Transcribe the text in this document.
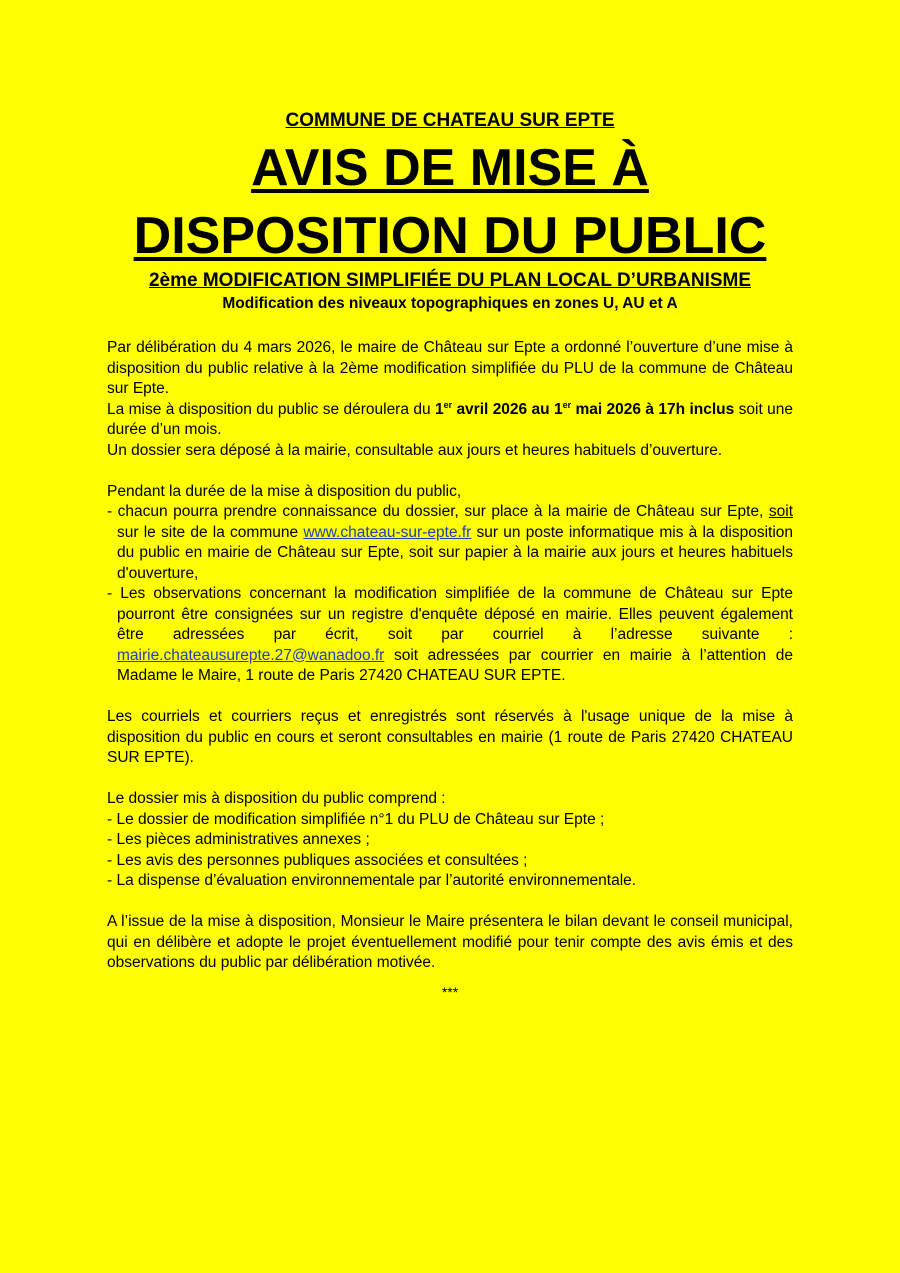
COMMUNE DE CHATEAU SUR EPTE

AVIS DE MISE À

DISPOSITION DU PUBLIC

2ème MODIFICATION SIMPLIFIÉE DU PLAN LOCAL D’URBANISME

Modification des niveaux topographiques en zones U, AU et A

Par délibération du 4 mars 2026, le maire de Château sur Epte a ordonné l’ouverture d’une mise à disposition du public relative à la 2ème modification simplifiée du PLU de la commune de Château sur Epte.

La mise à disposition du public se déroulera du 1er avril 2026 au 1er mai 2026 à 17h inclus soit une durée d’un mois.

Un dossier sera déposé à la mairie, consultable aux jours et heures habituels d’ouverture.

Pendant la durée de la mise à disposition du public,

- chacun pourra prendre connaissance du dossier, sur place à la mairie de Château sur Epte, soit sur le site de la commune www.chateau-sur-epte.fr sur un poste informatique mis à la disposition du public en mairie de Château sur Epte, soit sur papier à la mairie aux jours et heures habituels d'ouverture,

- Les observations concernant la modification simplifiée de la commune de Château sur Epte pourront être consignées sur un registre d'enquête déposé en mairie. Elles peuvent également être adressées par écrit, soit par courriel à l’adresse suivante : mairie.chateausurepte.27@wanadoo.fr soit adressées par courrier en mairie à l’attention de Madame le Maire, 1 route de Paris 27420 CHATEAU SUR EPTE.

Les courriels et courriers reçus et enregistrés sont réservés à l'usage unique de la mise à disposition du public en cours et seront consultables en mairie (1 route de Paris 27420 CHATEAU SUR EPTE).

Le dossier mis à disposition du public comprend :

- Le dossier de modification simplifiée n°1 du PLU de Château sur Epte ;

- Les pièces administratives annexes ;

- Les avis des personnes publiques associées et consultées ;

- La dispense d’évaluation environnementale par l’autorité environnementale.

A l’issue de la mise à disposition, Monsieur le Maire présentera le bilan devant le conseil municipal, qui en délibère et adopte le projet éventuellement modifié pour tenir compte des avis émis et des observations du public par délibération motivée.

***
